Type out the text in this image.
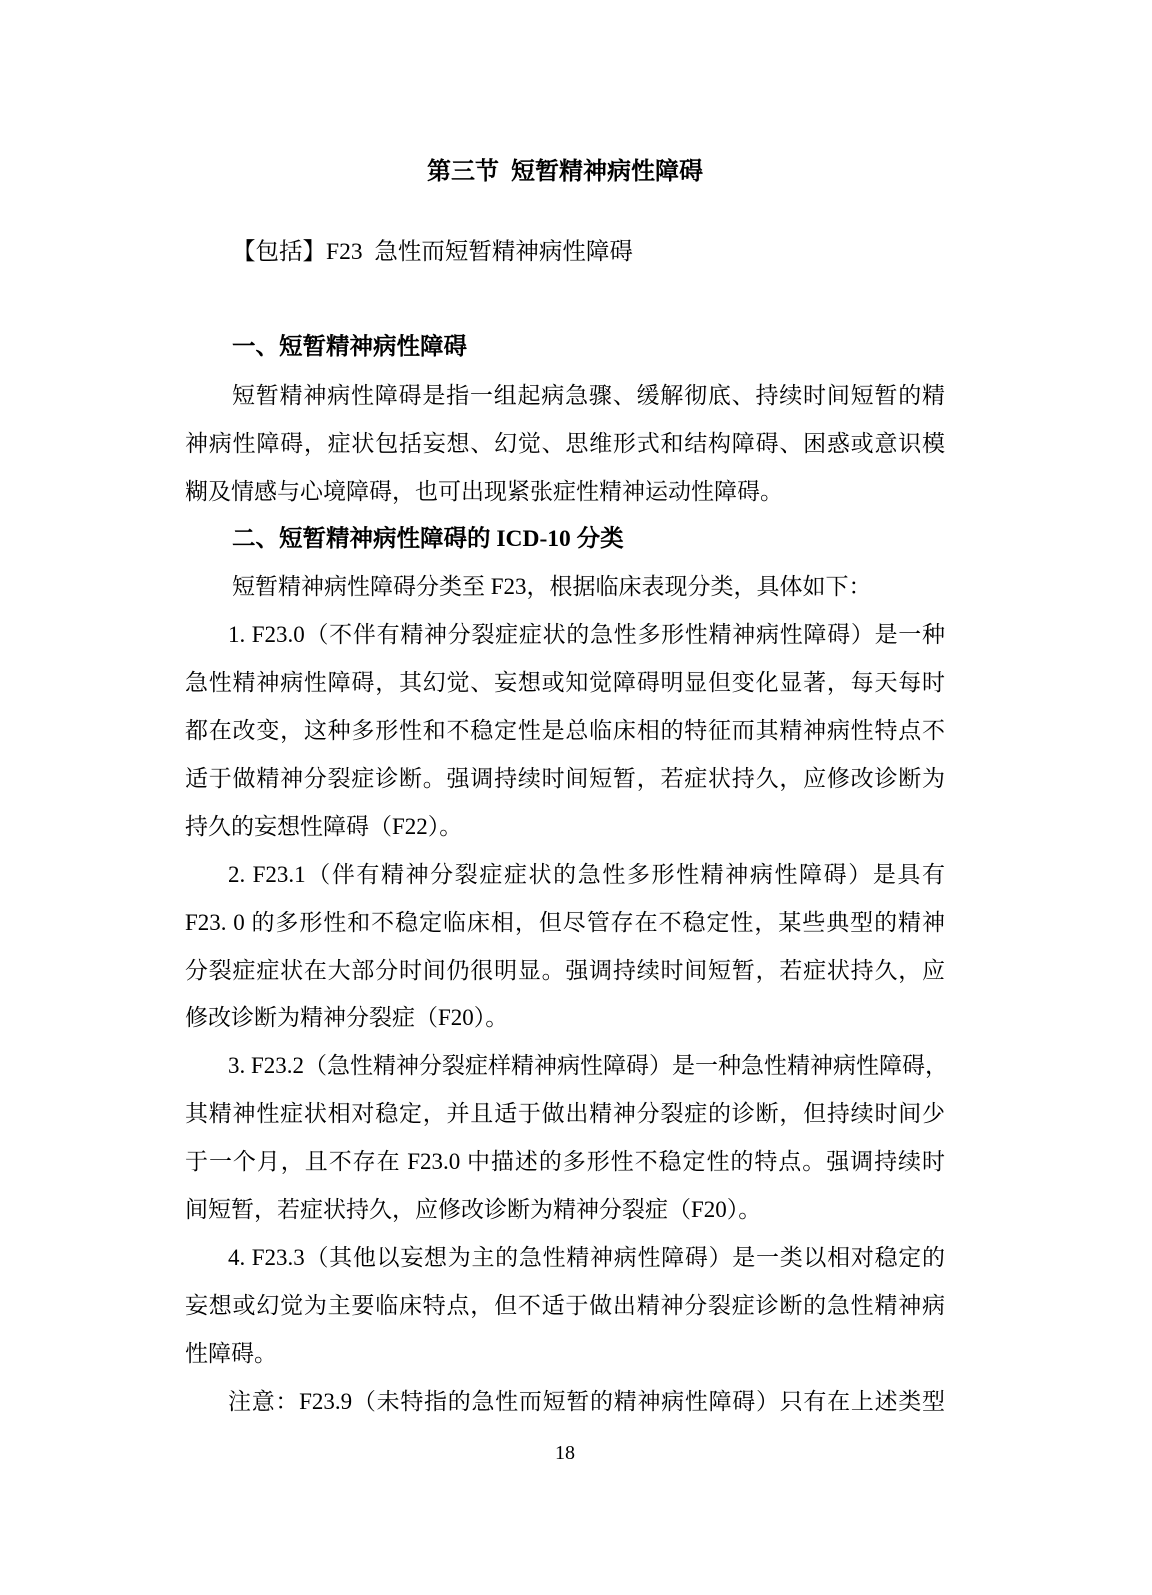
第三节  短暂精神病性障碍
【包括】F23  急性而短暂精神病性障碍
一、短暂精神病性障碍
短暂精神病性障碍是指一组起病急骤、缓解彻底、持续时间短暂的精
神病性障碍，症状包括妄想、幻觉、思维形式和结构障碍、困惑或意识模
糊及情感与心境障碍，也可出现紧张症性精神运动性障碍。
二、短暂精神病性障碍的 ICD-10 分类
短暂精神病性障碍分类至 F23，根据临床表现分类，具体如下：
1. F23.0（不伴有精神分裂症症状的急性多形性精神病性障碍）是一种
急性精神病性障碍，其幻觉、妄想或知觉障碍明显但变化显著，每天每时
都在改变，这种多形性和不稳定性是总临床相的特征而其精神病性特点不
适于做精神分裂症诊断。强调持续时间短暂，若症状持久，应修改诊断为
持久的妄想性障碍（F22）。
2. F23.1（伴有精神分裂症症状的急性多形性精神病性障碍）是具有
F23. 0 的多形性和不稳定临床相，但尽管存在不稳定性，某些典型的精神
分裂症症状在大部分时间仍很明显。强调持续时间短暂，若症状持久，应
修改诊断为精神分裂症（F20）。
3. F23.2（急性精神分裂症样精神病性障碍）是一种急性精神病性障碍，
其精神性症状相对稳定，并且适于做出精神分裂症的诊断，但持续时间少
于一个月，且不存在 F23.0 中描述的多形性不稳定性的特点。强调持续时
间短暂，若症状持久，应修改诊断为精神分裂症（F20）。
4. F23.3（其他以妄想为主的急性精神病性障碍）是一类以相对稳定的
妄想或幻觉为主要临床特点，但不适于做出精神分裂症诊断的急性精神病
性障碍。
注意：F23.9（未特指的急性而短暂的精神病性障碍）只有在上述类型
18
